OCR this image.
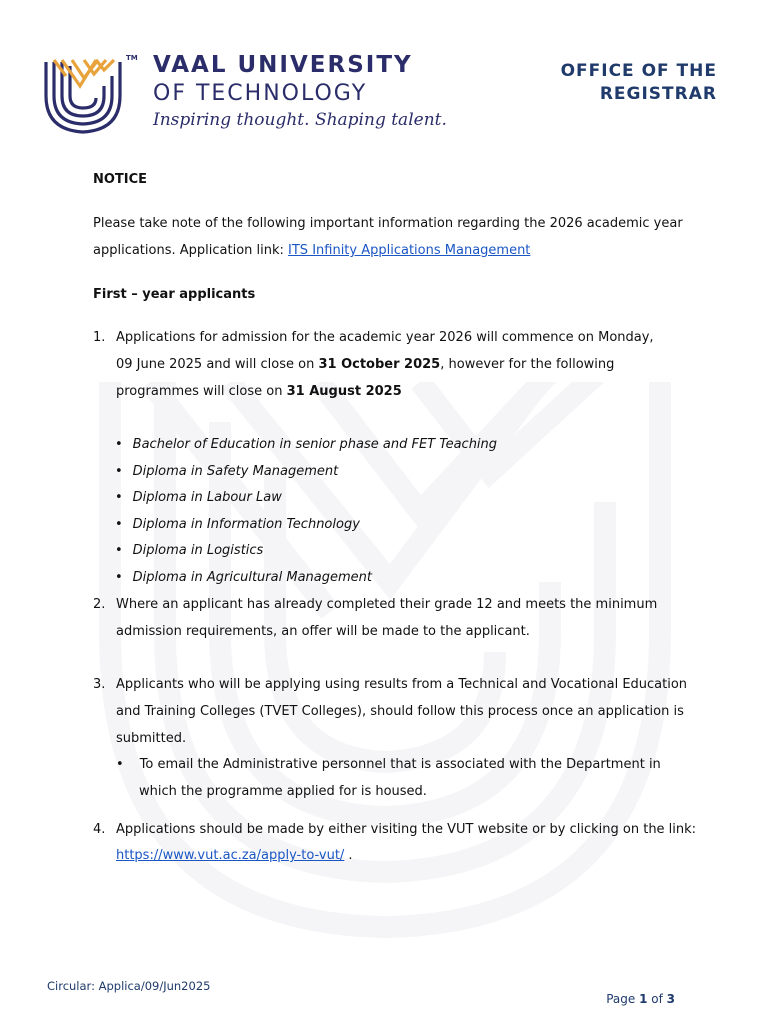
TM VAAL UNIVERSITY
OF TECHNOLOGY
Inspiring thought. Shaping talent.
OFFICE OF THE
REGISTRAR
NOTICE
Please take note of the following important information regarding the 2026 academic year
applications. Application link: ITS Infinity Applications Management
First – year applicants
1. Applications for admission for the academic year 2026 will commence on Monday,
09 June 2025 and will close on 31 October 2025, however for the following
programmes will close on 31 August 2025
• Bachelor of Education in senior phase and FET Teaching
• Diploma in Safety Management
• Diploma in Labour Law
• Diploma in Information Technology
• Diploma in Logistics
• Diploma in Agricultural Management
2. Where an applicant has already completed their grade 12 and meets the minimum
admission requirements, an offer will be made to the applicant.
3. Applicants who will be applying using results from a Technical and Vocational Education
and Training Colleges (TVET Colleges), should follow this process once an application is
submitted.
• To email the Administrative personnel that is associated with the Department in
which the programme applied for is housed.
4. Applications should be made by either visiting the VUT website or by clicking on the link:
https://www.vut.ac.za/apply-to-vut/ .
Circular: Applica/09/Jun2025
Page 1 of 3
